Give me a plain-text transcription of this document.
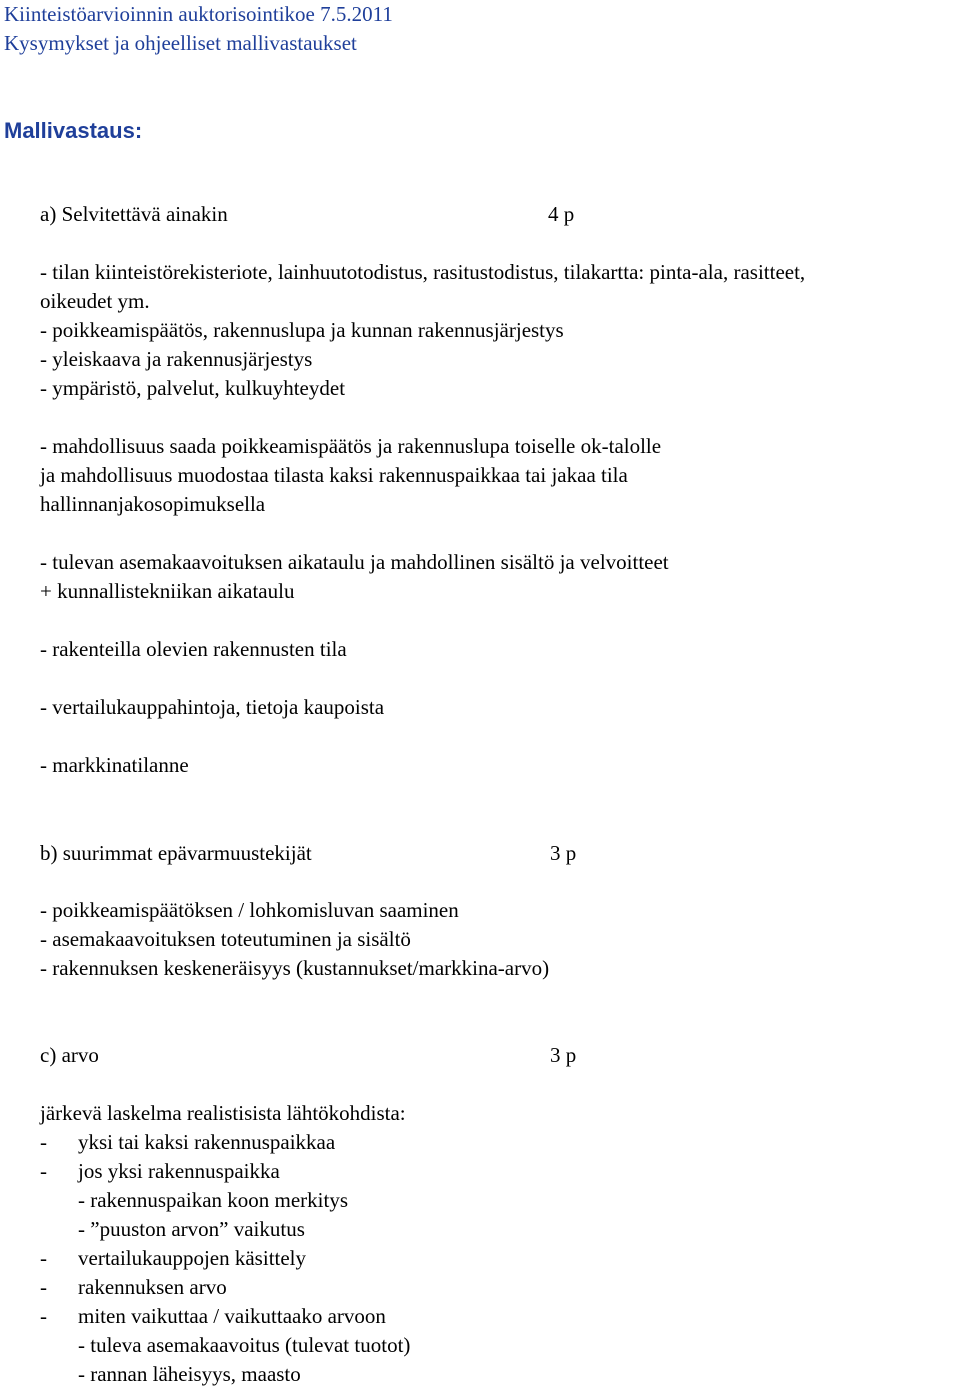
Kiinteistöarvioinnin auktorisointikoe 7.5.2011
Kysymykset ja ohjeelliset mallivastaukset
Mallivastaus:
a) Selvitettävä ainakin	4 p
- tilan kiinteistörekisteriote, lainhuutotodistus, rasitustodistus, tilakartta: pinta-ala, rasitteet,
oikeudet ym.
- poikkeamispäätös, rakennuslupa ja kunnan rakennusjärjestys
- yleiskaava ja rakennusjärjestys
- ympäristö, palvelut, kulkuyhteydet
- mahdollisuus saada poikkeamispäätös ja rakennuslupa toiselle ok-talolle
ja mahdollisuus muodostaa tilasta kaksi rakennuspaikkaa tai jakaa tila
hallinnanjakosopimuksella
- tulevan asemakaavoituksen aikataulu ja mahdollinen sisältö ja velvoitteet
+ kunnallistekniikan aikataulu
- rakenteilla olevien rakennusten tila
- vertailukauppahintoja, tietoja kaupoista
- markkinatilanne
b) suurimmat epävarmuustekijät	3 p
- poikkeamispäätöksen / lohkomisluvan saaminen
- asemakaavoituksen toteutuminen ja sisältö
- rakennuksen keskeneräisyys (kustannukset/markkina-arvo)
c) arvo	3 p
järkevä laskelma realistisista lähtökohdista:
- yksi tai kaksi rakennuspaikkaa
- jos yksi rakennuspaikka
- rakennuspaikan koon merkitys
- ”puuston arvon” vaikutus
- vertailukauppojen käsittely
- rakennuksen arvo
- miten vaikuttaa / vaikuttaako arvoon
- tuleva asemakaavoitus (tulevat tuotot)
- rannan läheisyys, maasto
